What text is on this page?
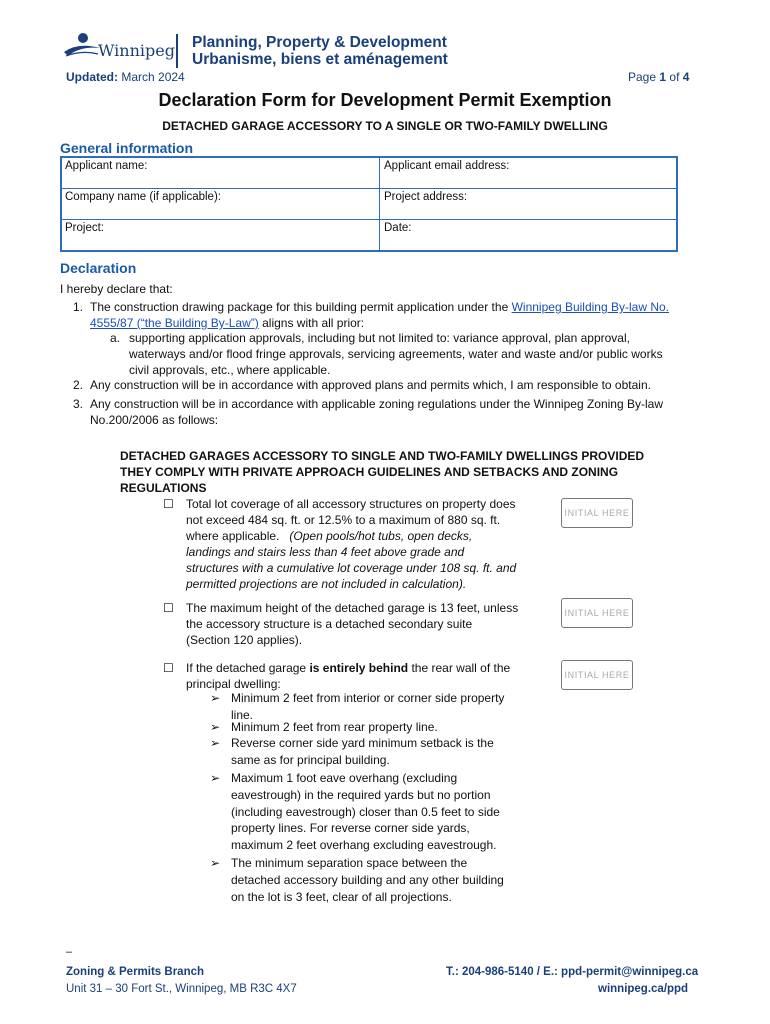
Winnipeg Planning, Property & Development
Urbanisme, biens et aménagement
Updated: March 2024	Page 1 of 4
Declaration Form for Development Permit Exemption
DETACHED GARAGE ACCESSORY TO A SINGLE OR TWO-FAMILY DWELLING
General information
Applicant name:	Applicant email address:
Company name (if applicable):	Project address:
Project:	Date:
Declaration
I hereby declare that:
1. The construction drawing package for this building permit application under the Winnipeg Building By-law No.
4555/87 (“the Building By-Law”) aligns with all prior:
a. supporting application approvals, including but not limited to: variance approval, plan approval,
waterways and/or flood fringe approvals, servicing agreements, water and waste and/or public works
civil approvals, etc., where applicable.
2. Any construction will be in accordance with approved plans and permits which, I am responsible to obtain.
3. Any construction will be in accordance with applicable zoning regulations under the Winnipeg Zoning By-law
No.200/2006 as follows:
DETACHED GARAGES ACCESSORY TO SINGLE AND TWO-FAMILY DWELLINGS PROVIDED
THEY COMPLY WITH PRIVATE APPROACH GUIDELINES AND SETBACKS AND ZONING
REGULATIONS
☐ Total lot coverage of all accessory structures on property does
not exceed 484 sq. ft. or 12.5% to a maximum of 880 sq. ft.
where applicable. (Open pools/hot tubs, open decks,
landings and stairs less than 4 feet above grade and
structures with a cumulative lot coverage under 108 sq. ft. and
permitted projections are not included in calculation).
INITIAL HERE
☐ The maximum height of the detached garage is 13 feet, unless
the accessory structure is a detached secondary suite
(Section 120 applies).
INITIAL HERE
☐ If the detached garage is entirely behind the rear wall of the
principal dwelling:
INITIAL HERE
➢ Minimum 2 feet from interior or corner side property
line.
➢ Minimum 2 feet from rear property line.
➢ Reverse corner side yard minimum setback is the
same as for principal building.
➢ Maximum 1 foot eave overhang (excluding
eavestrough) in the required yards but no portion
(including eavestrough) closer than 0.5 feet to side
property lines. For reverse corner side yards,
maximum 2 feet overhang excluding eavestrough.
➢ The minimum separation space between the
detached accessory building and any other building
on the lot is 3 feet, clear of all projections.
–
Zoning & Permits Branch
Unit 31 – 30 Fort St., Winnipeg, MB R3C 4X7
T.: 204-986-5140 / E.: ppd-permit@winnipeg.ca
winnipeg.ca/ppd
